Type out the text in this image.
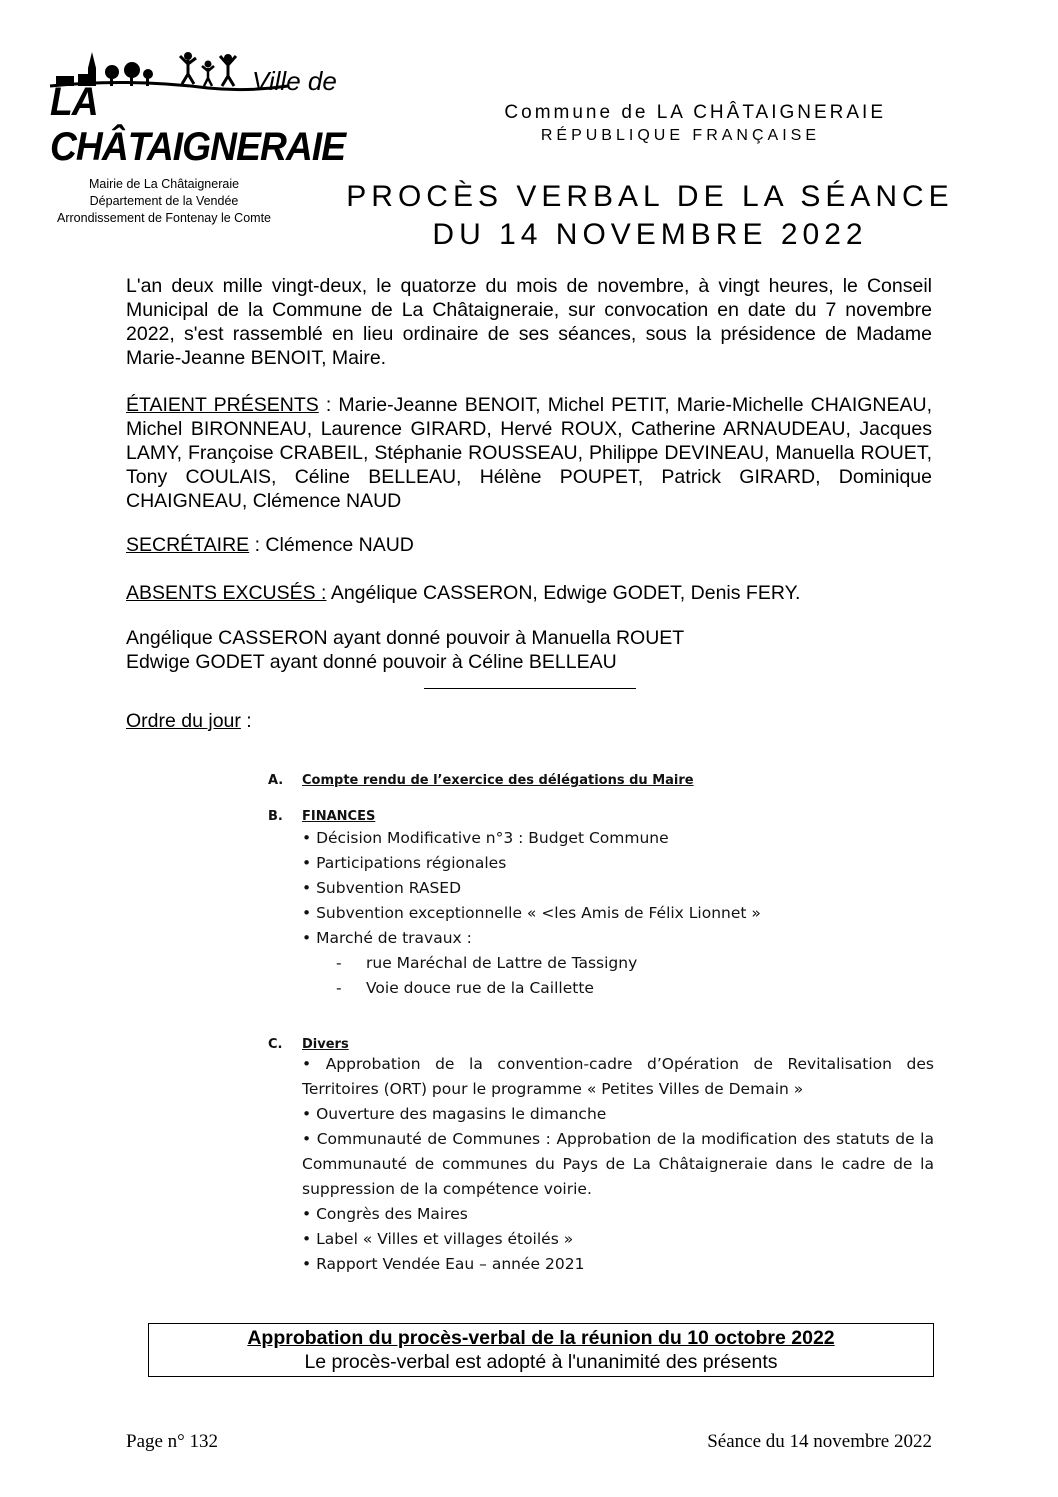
Ville de
LA CHÂTAIGNERAIE
Commune de LA CHÂTAIGNERAIE
RÉPUBLIQUE FRANÇAISE
Mairie de La Châtaigneraie
Département de la Vendée
Arrondissement de Fontenay le Comte
PROCÈS VERBAL DE LA SÉANCE
DU 14 NOVEMBRE 2022
L'an deux mille vingt-deux, le quatorze du mois de novembre, à vingt heures, le Conseil Municipal de la Commune de La Châtaigneraie, sur convocation en date du 7 novembre 2022, s'est rassemblé en lieu ordinaire de ses séances, sous la présidence de Madame Marie-Jeanne BENOIT, Maire.
ÉTAIENT PRÉSENTS : Marie-Jeanne BENOIT, Michel PETIT, Marie-Michelle CHAIGNEAU, Michel BIRONNEAU, Laurence GIRARD, Hervé ROUX, Catherine ARNAUDEAU, Jacques LAMY, Françoise CRABEIL, Stéphanie ROUSSEAU, Philippe DEVINEAU, Manuella ROUET, Tony COULAIS, Céline BELLEAU, Hélène POUPET, Patrick GIRARD, Dominique CHAIGNEAU, Clémence NAUD
SECRÉTAIRE : Clémence NAUD
ABSENTS EXCUSÉS : Angélique CASSERON, Edwige GODET, Denis FERY.
Angélique CASSERON ayant donné pouvoir à Manuella ROUET
Edwige GODET ayant donné pouvoir à Céline BELLEAU
Ordre du jour :
A. Compte rendu de l’exercice des délégations du Maire
B. FINANCES
• Décision Modificative n°3 : Budget Commune
• Participations régionales
• Subvention RASED
• Subvention exceptionnelle « <les Amis de Félix Lionnet »
• Marché de travaux :
- rue Maréchal de Lattre de Tassigny
- Voie douce rue de la Caillette
C. Divers
• Approbation de la convention-cadre d’Opération de Revitalisation des Territoires (ORT) pour le programme « Petites Villes de Demain »
• Ouverture des magasins le dimanche
• Communauté de Communes : Approbation de la modification des statuts de la Communauté de communes du Pays de La Châtaigneraie dans le cadre de la suppression de la compétence voirie.
• Congrès des Maires
• Label « Villes et villages étoilés »
• Rapport Vendée Eau – année 2021
Approbation du procès-verbal de la réunion du 10 octobre 2022
Le procès-verbal est adopté à l'unanimité des présents
Page n° 132	Séance du 14 novembre 2022
